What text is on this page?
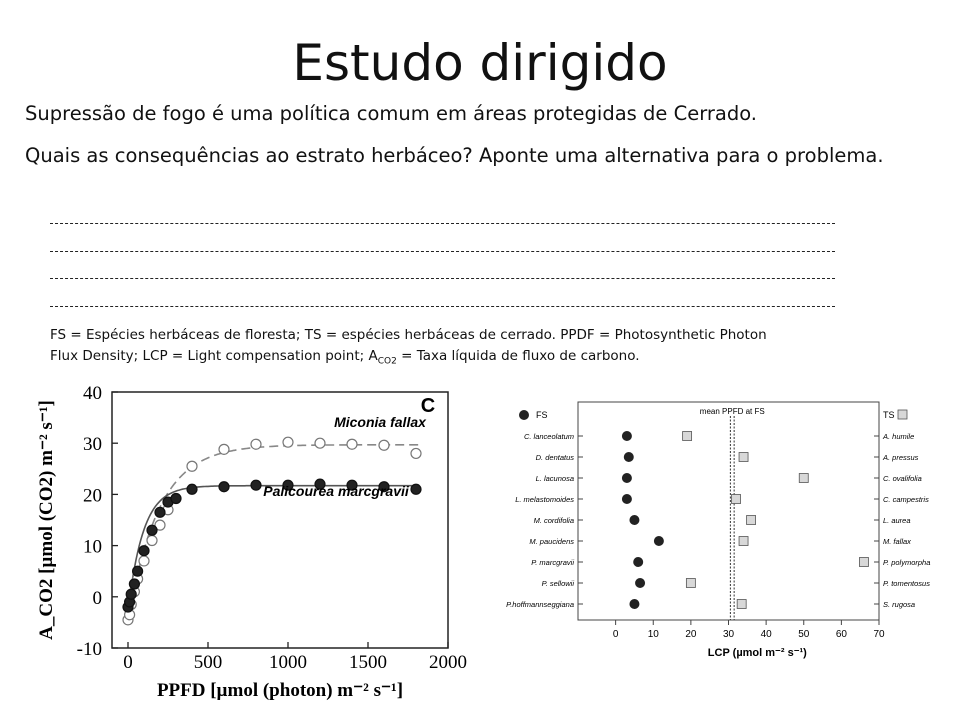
Estudo dirigido
Supressão de fogo é uma política comum em áreas protegidas de Cerrado.
Quais as consequências ao estrato herbáceo? Aponte uma alternativa para o problema.
FS = Espécies herbáceas de floresta; TS = espécies herbáceas de cerrado. PPDF = Photosynthetic Photon
Flux Density; LCP = Light compensation point; $A_{CO2}$ = Taxa líquida de fluxo de carbono.
0	500 1000 1500 2000
-10
0
10
20
30
40
PPFD [µmol (photon) m⁻² s⁻¹]
A_CO2 [µmol (CO2) m⁻² s⁻¹]	C
Miconia fallax
Palicourea marcgravii
mean PPFD at FS
FS	TS
C. lanceolatum	A. humile
D. dentatus	A. pressus
L. lacunosa	C. ovalifolia
L. melastomoides	C. campestris
M. cordifolia	L. aurea
M. paucidens	M. fallax
P. marcgravii	P. polymorpha
P. sellowii	P. tomentosus
P.hoffmannseggiana	S. rugosa
0	10	20	30	40	50	60	70
LCP (µmol m⁻² s⁻¹)
